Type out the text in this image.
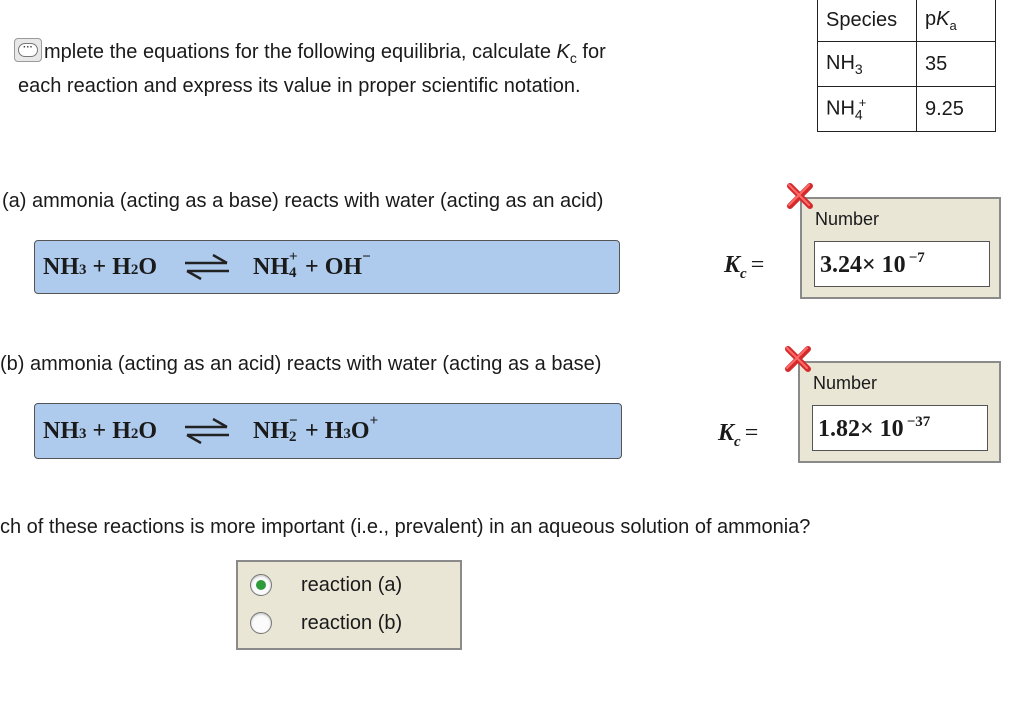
··· mplete the equations for the following equilibria, calculate $K_c$ for
each reaction and express its value in proper scientific notation.
Species	$pK_a$
$NH_3$	35
$NH_4^+$	9.25
(a) ammonia (acting as a base) reacts with water (acting as an acid)
$NH_3 + H_2$ O ⇌ NH +
4 + OH−	$K_c$ =
Number
3.24× 10 $^{-7}$
(b) ammonia (acting as an acid) reacts with water (acting as a base)
$NH_3 + H_2$ O ⇌ NH −
$2 + H_3$ O+	$K_c$ =
Number
1.82× 10 $^{-37}$
ch of these reactions is more important (i.e., prevalent) in an aqueous solution of ammonia?
reaction (a)
reaction (b)
